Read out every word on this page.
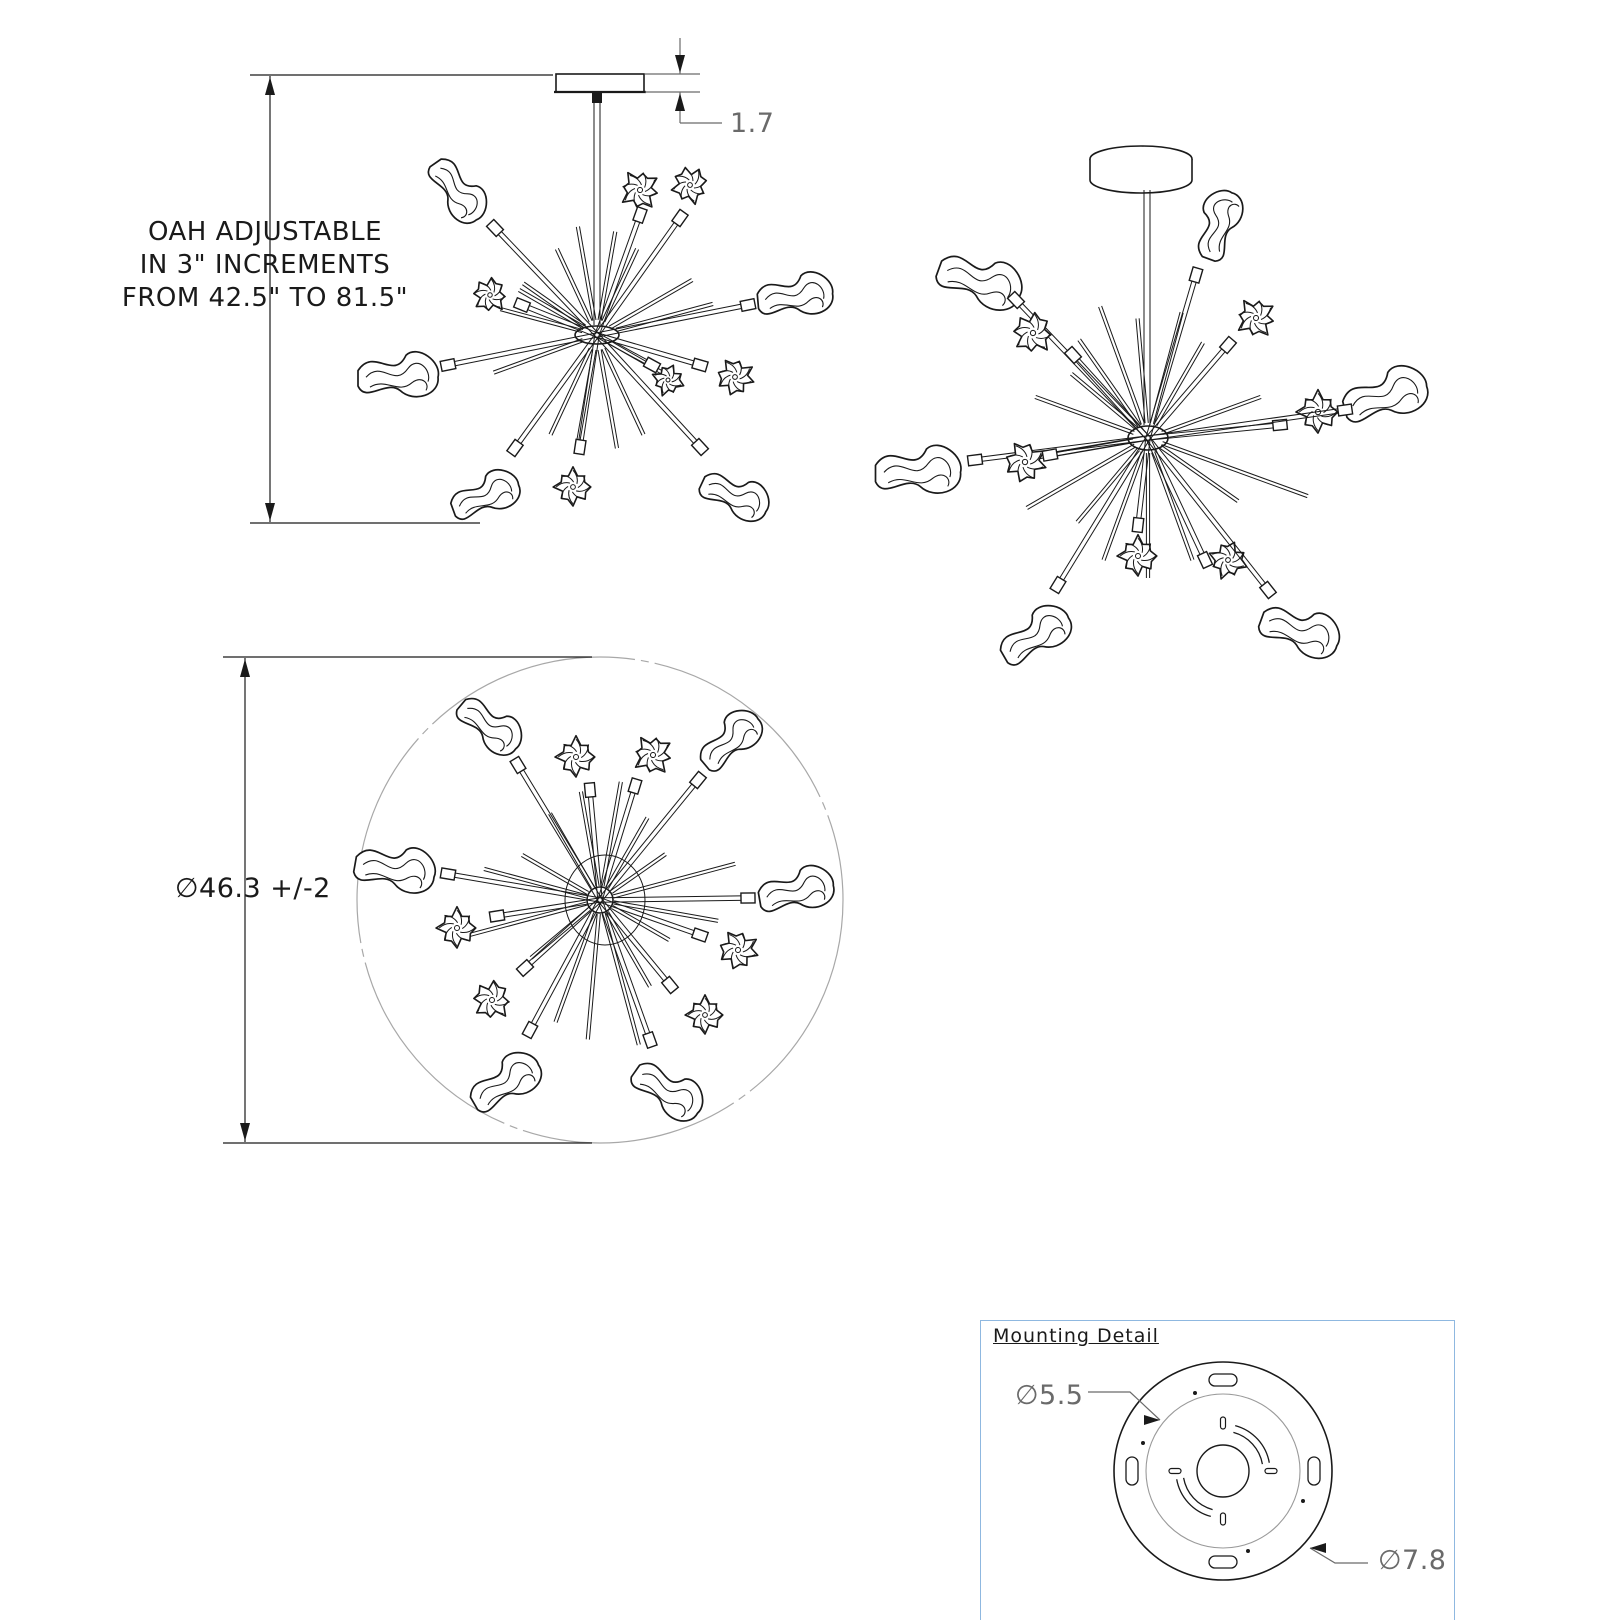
OAH ADJUSTABLE
IN 3" INCREMENTS
FROM 42.5" TO 81.5"
1.7
∅46.3 +/-2
Mounting Detail
∅5.5
∅7.8
